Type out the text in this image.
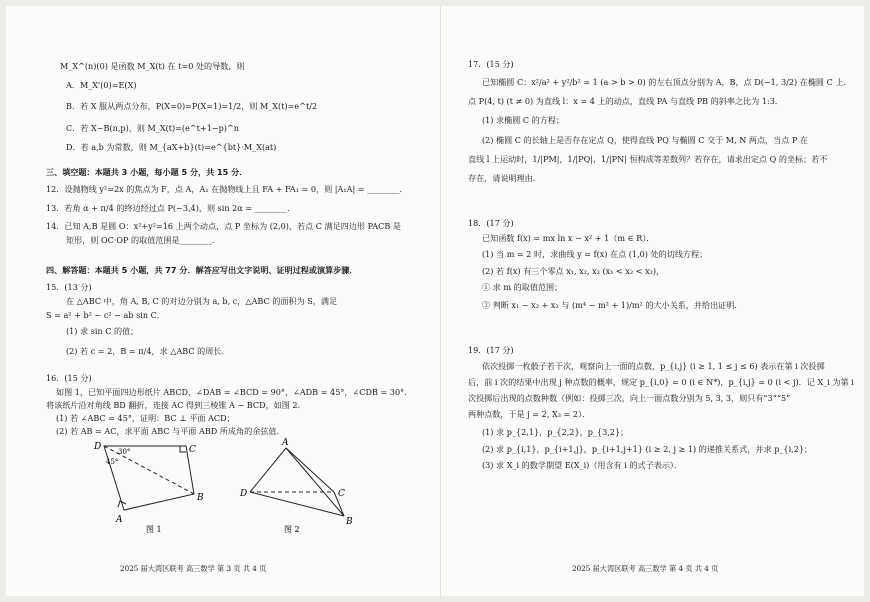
M_X^(n)(0) 是函数 M_X(t) 在 t=0 处的导数，则
A．M_X'(0)=E(X)
B．若 X 服从两点分布，P(X=0)=P(X=1)=1/2，则 M_X(t)=e^t/2
C．若 X~B(n,p)，则 M_X(t)=(e^t+1−p)^n
D．若 a,b 为常数，则 M_{aX+b}(t)=e^{bt}·M_X(at)
三、填空题：本题共 3 小题，每小题 5 分，共 15 分．
12．设抛物线 y²=2x 的焦点为 F，点 A，A₁ 在抛物线上且 FA + FA₁ = 0，则 |A₁A| = ________．
13．若角 α + π/4 的终边经过点 P(−3,4)，则 sin 2α = ________．
14．已知 A,B 是圆 O：x²+y²=16 上两个动点，点 P 坐标为 (2,0)，若点 C 满足四边形 PACB 是
矩形，则 OC·OP 的取值范围是________．
四、解答题：本题共 5 小题，共 77 分．解答应写出文字说明、证明过程或演算步骤．
15．(13 分)
在 △ABC 中，角 A, B, C 的对边分别为 a, b, c，△ABC 的面积为 S，满足
S = a² + b² − c² − ab sin C．
(1) 求 sin C 的值；
(2) 若 c = 2，B = π/4，求 △ABC 的周长．
16．(15 分)
如图 1，已知平面四边形纸片 ABCD，∠DAB = ∠BCD = 90°，∠ADB = 45°，∠CDB = 30°．
将该纸片沿对角线 BD 翻折，连接 AC 得到三棱锥 A − BCD，如图 2．
(1) 若 ∠ABC = 45°，证明：BC ⊥ 平面 ACD；
(2) 若 AB = AC，求平面 ABC 与平面 ABD 所成角的余弦值．
D	C
A
B
30°
45°
图 1
A
D	C
B
图 2
2025 届大湾区联考 高三数学 第 3 页 共 4 页
17．(15 分)
已知椭圆 C：x²/a² + y²/b² = 1 (a > b > 0) 的左右顶点分别为 A，B，点 D(−1, 3/2) 在椭圆 C 上.
点 P(4, t) (t ≠ 0) 为直线 l：x = 4 上的动点，直线 PA 与直线 PB 的斜率之比为 1:3．
(1) 求椭圆 C 的方程；
(2) 椭圆 C 的长轴上是否存在定点 Q，使得直线 PQ 与椭圆 C 交于 M, N 两点，当点 P 在
直线 l 上运动时，1/|PM|，1/|PQ|，1/|PN| 恒构成等差数列？若存在，请求出定点 Q 的坐标；若不
存在，请说明理由．
18．(17 分)
已知函数 f(x) = mx ln x − x² + 1（m ∈ R）．
(1) 当 m = 2 时，求曲线 y = f(x) 在点 (1,0) 处的切线方程；
(2) 若 f(x) 有三个零点 x₁, x₂, x₃ (x₁ < x₂ < x₃)，
① 求 m 的取值范围；
② 判断 x₁ − x₂ + x₃ 与 (m⁴ − m² + 1)/m² 的大小关系，并给出证明．
19．(17 分)
依次投掷一枚骰子若干次，观察向上一面的点数，p_{i,j} (i ≥ 1, 1 ≤ j ≤ 6) 表示在第 i 次投掷
后，前 i 次的结果中出现 j 种点数的概率，规定 p_{i,0} = 0 (i ∈ N*)，p_{i,j} = 0 (i < j)．记 X_i 为第 i
次投掷后出现的点数种数（例如：投掷三次，向上一面点数分别为 5, 3, 3，则只有“3”“5”
两种点数，于是 j = 2, X₃ = 2）．
(1) 求 p_{2,1}，p_{2,2}，p_{3,2}；
(2) 求 p_{i,1}，p_{i+1,j}，p_{i+1,j+1} (i ≥ 2, j ≥ 1) 的递推关系式，并求 p_{i,2}；
(3) 求 X_i 的数学期望 E(X_i)（用含有 i 的式子表示）．
2025 届大湾区联考 高三数学 第 4 页 共 4 页
